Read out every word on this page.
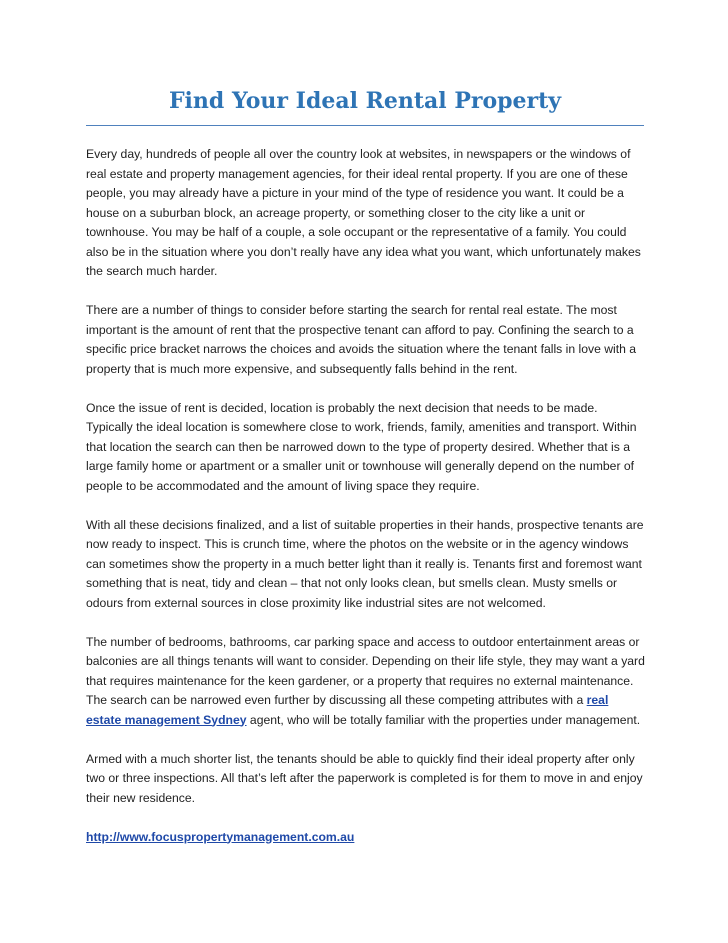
Find Your Ideal Rental Property

Every day, hundreds of people all over the country look at websites, in newspapers or the windows of real estate and property management agencies, for their ideal rental property. If you are one of these people, you may already have a picture in your mind of the type of residence you want. It could be a house on a suburban block, an acreage property, or something closer to the city like a unit or townhouse. You may be half of a couple, a sole occupant or the representative of a family. You could also be in the situation where you don’t really have any idea what you want, which unfortunately makes the search much harder.

There are a number of things to consider before starting the search for rental real estate. The most important is the amount of rent that the prospective tenant can afford to pay. Confining the search to a specific price bracket narrows the choices and avoids the situation where the tenant falls in love with a property that is much more expensive, and subsequently falls behind in the rent.

Once the issue of rent is decided, location is probably the next decision that needs to be made. Typically the ideal location is somewhere close to work, friends, family, amenities and transport. Within that location the search can then be narrowed down to the type of property desired. Whether that is a large family home or apartment or a smaller unit or townhouse will generally depend on the number of people to be accommodated and the amount of living space they require.

With all these decisions finalized, and a list of suitable properties in their hands, prospective tenants are now ready to inspect. This is crunch time, where the photos on the website or in the agency windows can sometimes show the property in a much better light than it really is. Tenants first and foremost want something that is neat, tidy and clean – that not only looks clean, but smells clean. Musty smells or odours from external sources in close proximity like industrial sites are not welcomed.

The number of bedrooms, bathrooms, car parking space and access to outdoor entertainment areas or balconies are all things tenants will want to consider. Depending on their life style, they may want a yard that requires maintenance for the keen gardener, or a property that requires no external maintenance. The search can be narrowed even further by discussing all these competing attributes with a real estate management Sydney agent, who will be totally familiar with the properties under management.

Armed with a much shorter list, the tenants should be able to quickly find their ideal property after only two or three inspections. All that’s left after the paperwork is completed is for them to move in and enjoy their new residence.

http://www.focuspropertymanagement.com.au
